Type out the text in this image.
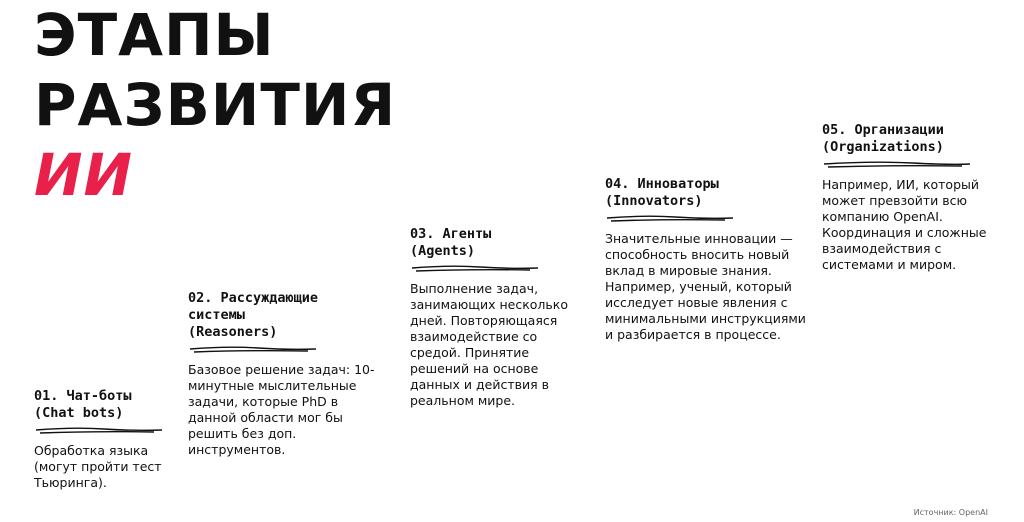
ЭТАПЫ
РАЗВИТИЯ
ИИ
01. Чат-боты
(Chat bots)

Обработка языка (могут пройти тест Тьюринга).

02. Рассуждающие
системы
(Reasoners)

Базовое решение задач: 10-минутные мыслительные задачи, которые PhD в данной области мог бы решить без доп. инструментов.

03. Агенты
(Agents)

Выполнение задач, занимающих несколько дней. Повторяющаяся взаимодействие со средой. Принятие решений на основе данных и действия в реальном мире.

04. Инноваторы
(Innovators)

Значительные инновации — способность вносить новый вклад в мировые знания. Например, ученый, который исследует новые явления с минимальными инструкциями и разбирается в процессе.

05. Организации
(Organizations)

Например, ИИ, который может превзойти всю компанию OpenAI. Координация и сложные взаимодействия с системами и миром.

Источник: OpenAI
